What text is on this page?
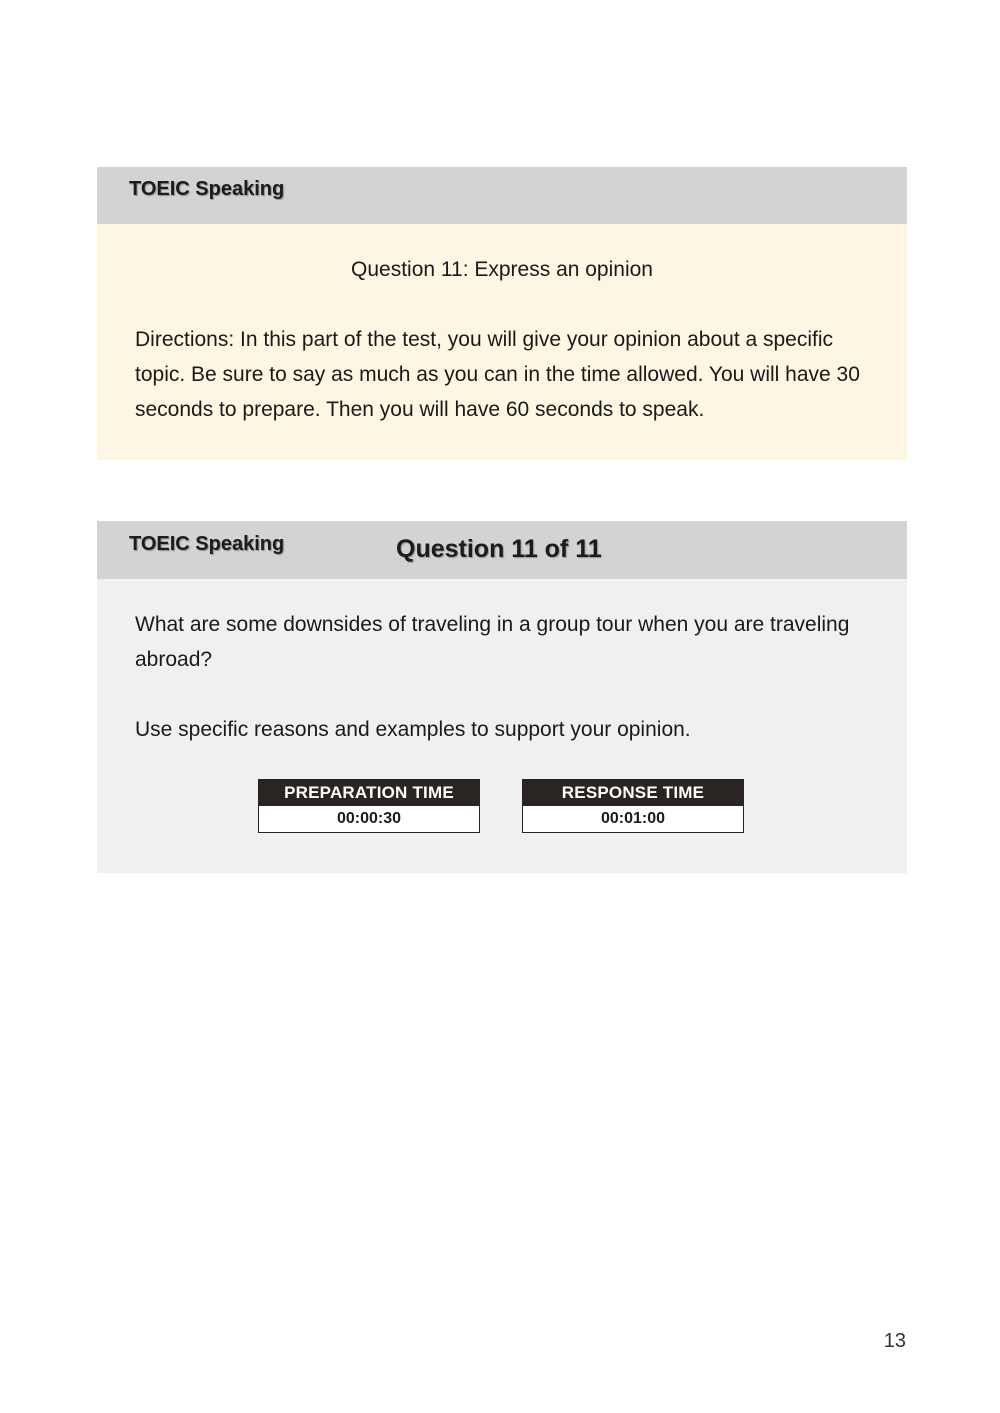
TOEIC Speaking
Question 11: Express an opinion

Directions: In this part of the test, you will give your opinion about a specific topic. Be sure to say as much as you can in the time allowed. You will have 30 seconds to prepare. Then you will have 60 seconds to speak.

TOEIC Speaking	Question 11 of 11

What are some downsides of traveling in a group tour when you are traveling abroad?

Use specific reasons and examples to support your opinion.

PREPARATION TIME
00:00:30
RESPONSE TIME
00:01:00
13
